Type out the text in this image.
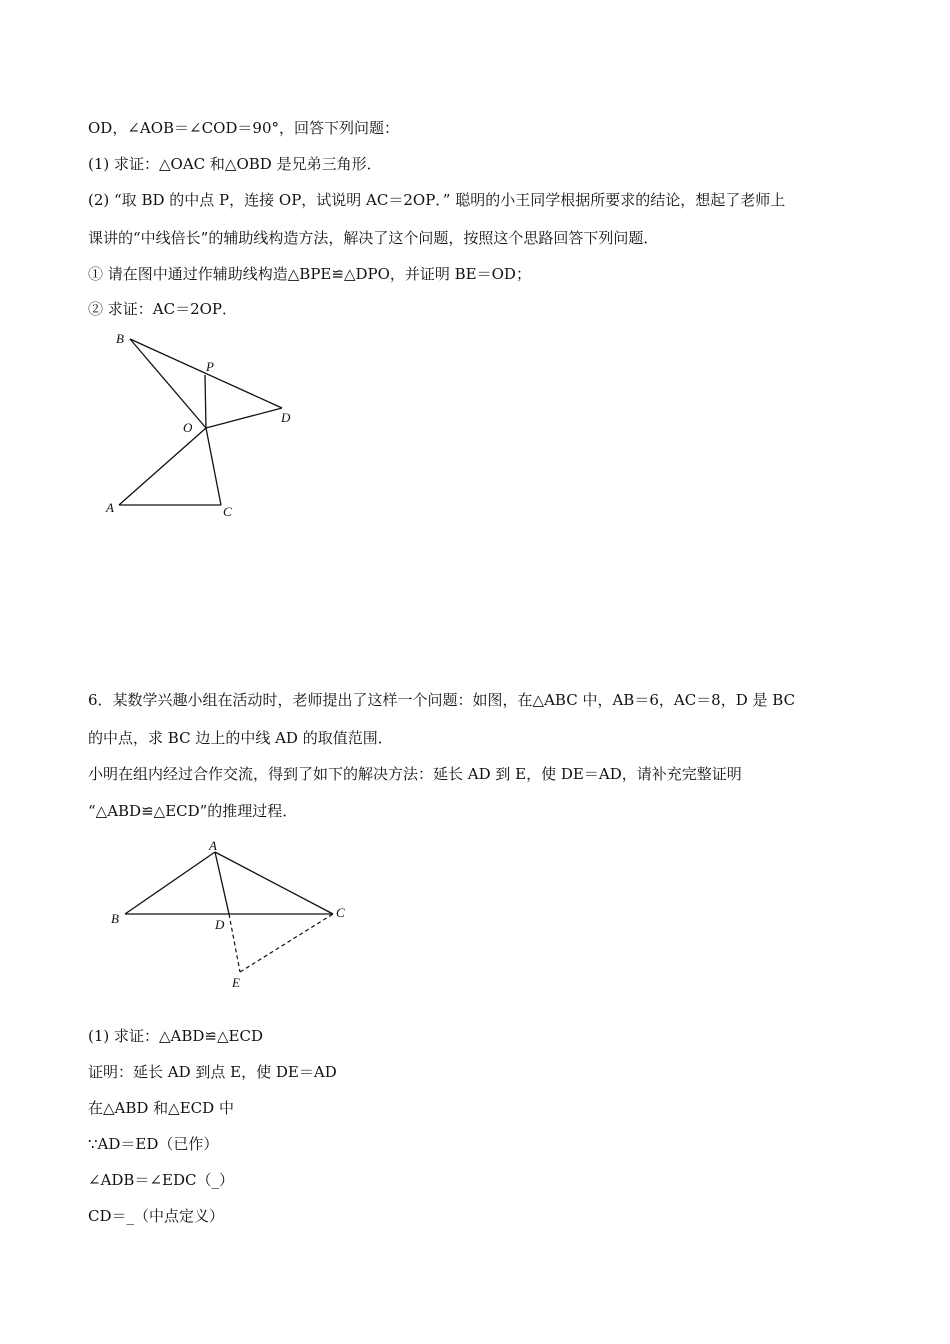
OD，∠AOB＝∠COD＝90°，回答下列问题：
(1) 求证：△OAC 和△OBD 是兄弟三角形．
(2) “取 BD 的中点 P，连接 OP，试说明 AC＝2OP．” 聪明的小王同学根据所要求的结论，想起了老师上
课讲的“中线倍长”的辅助线构造方法，解决了这个问题，按照这个思路回答下列问题．
① 请在图中通过作辅助线构造△BPE≌△DPO，并证明 BE＝OD；
② 求证：AC＝2OP．
B
P
D
O
A	C
6．某数学兴趣小组在活动时，老师提出了这样一个问题：如图，在△ABC 中，AB＝6，AC＝8，D 是 BC
的中点，求 BC 边上的中线 AD 的取值范围．
小明在组内经过合作交流，得到了如下的解决方法：延长 AD 到 E，使 DE＝AD，请补充完整证明
“△ABD≌△ECD”的推理过程．
A
B	C
D
E
(1) 求证：△ABD≌△ECD
证明：延长 AD 到点 E，使 DE＝AD
在△ABD 和△ECD 中
∵AD＝ED（已作）
∠ADB＝∠EDC（_）
CD＝_（中点定义）
